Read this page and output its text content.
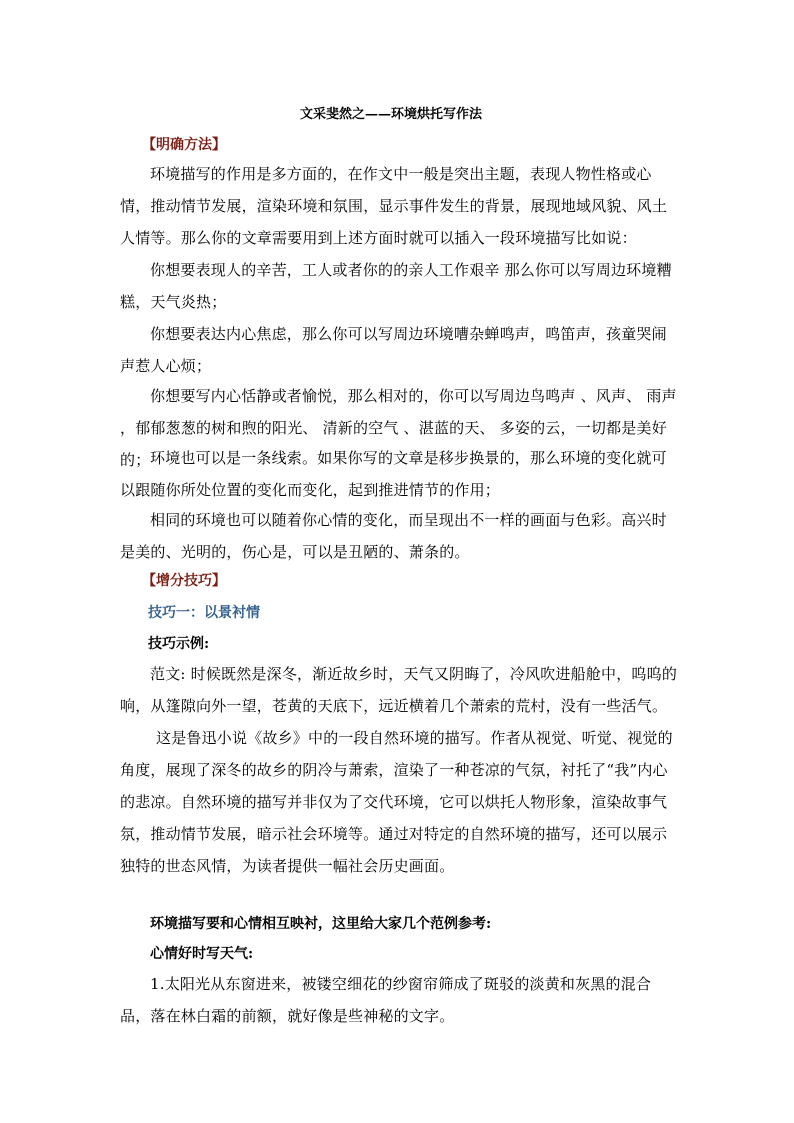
文采斐然之——环境烘托写作法
【明确方法】
环境描写的作用是多方面的，在作文中一般是突出主题，表现人物性格或心情，推动情节发展，渲染环境和氛围，显示事件发生的背景，展现地域风貌、风土人情等。那么你的文章需要用到上述方面时就可以插入一段环境描写比如说：
你想要表现人的辛苦，工人或者你的的亲人工作艰辛 那么你可以写周边环境糟糕，天气炎热；
你想要表达内心焦虑，那么你可以写周边环境嘈杂蝉鸣声，鸣笛声，孩童哭闹声惹人心烦；
你想要写内心恬静或者愉悦，那么相对的，你可以写周边鸟鸣声 、风声、 雨声 ，郁郁葱葱的树和煦的阳光、 清新的空气 、湛蓝的天、 多姿的云，一切都是美好的； 环境也可以是一条线索。如果你写的文章是移步换景的，那么环境的变化就可以跟随你所处位置的变化而变化，起到推进情节的作用；
相同的环境也可以随着你心情的变化，而呈现出不一样的画面与色彩。高兴时是美的、光明的，伤心是，可以是丑陋的、萧条的。
【增分技巧】
技巧一：以景衬情
技巧示例:
范文: 时候既然是深冬，渐近故乡时，天气又阴晦了，冷风吹进船舱中，呜呜的响，从篷隙向外一望，苍黄的天底下，远近横着几个萧索的荒村，没有一些活气。
这是鲁迅小说《故乡》中的一段自然环境的描写。作者从视觉、听觉、视觉的角度，展现了深冬的故乡的阴冷与萧索，渲染了一种苍凉的气氛，衬托了“我”内心的悲凉。自然环境的描写并非仅为了交代环境，它可以烘托人物形象，渲染故事气氛，推动情节发展，暗示社会环境等。通过对特定的自然环境的描写，还可以展示独特的世态风情，为读者提供一幅社会历史画面。
环境描写要和心情相互映衬，这里给大家几个范例参考:
心情好时写天气:
1.太阳光从东窗进来，被镂空细花的纱窗帘筛成了斑驳的淡黄和灰黑的混合品，落在林白霜的前额，就好像是些神秘的文字。
